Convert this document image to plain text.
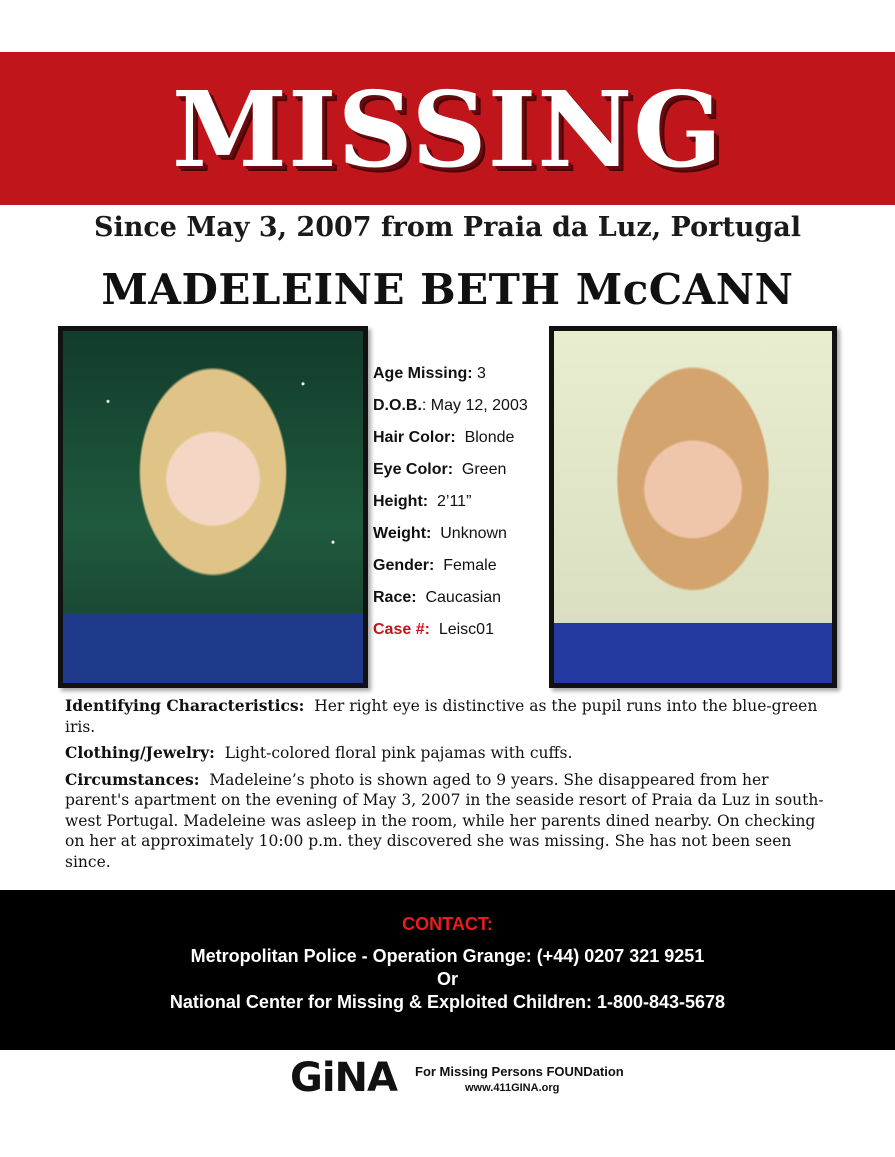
MISSING
Since May 3, 2007 from Praia da Luz, Portugal
MADELEINE BETH McCANN
Age Missing: 3
D.O.B.: May 12, 2003
Hair Color: Blonde
Eye Color: Green
Height: 2’11”
Weight: Unknown
Gender: Female
Race: Caucasian
Case #: Leisc01

Identifying Characteristics: Her right eye is distinctive as the pupil runs into the blue-green iris.

Clothing/Jewelry: Light-colored floral pink pajamas with cuffs.

Circumstances: Madeleine’s photo is shown aged to 9 years. She disappeared from her parent's apartment on the evening of May 3, 2007 in the seaside resort of Praia da Luz in south-west Portugal. Madeleine was asleep in the room, while her parents dined nearby. On checking on her at approximately 10:00 p.m. they discovered she was missing. She has not been seen since.

CONTACT:
Metropolitan Police - Operation Grange: (+44) 0207 321 9251
Or
National Center for Missing & Exploited Children: 1-800-843-5678
GiNA For Missing Persons FOUNDation
www.411GINA.org
